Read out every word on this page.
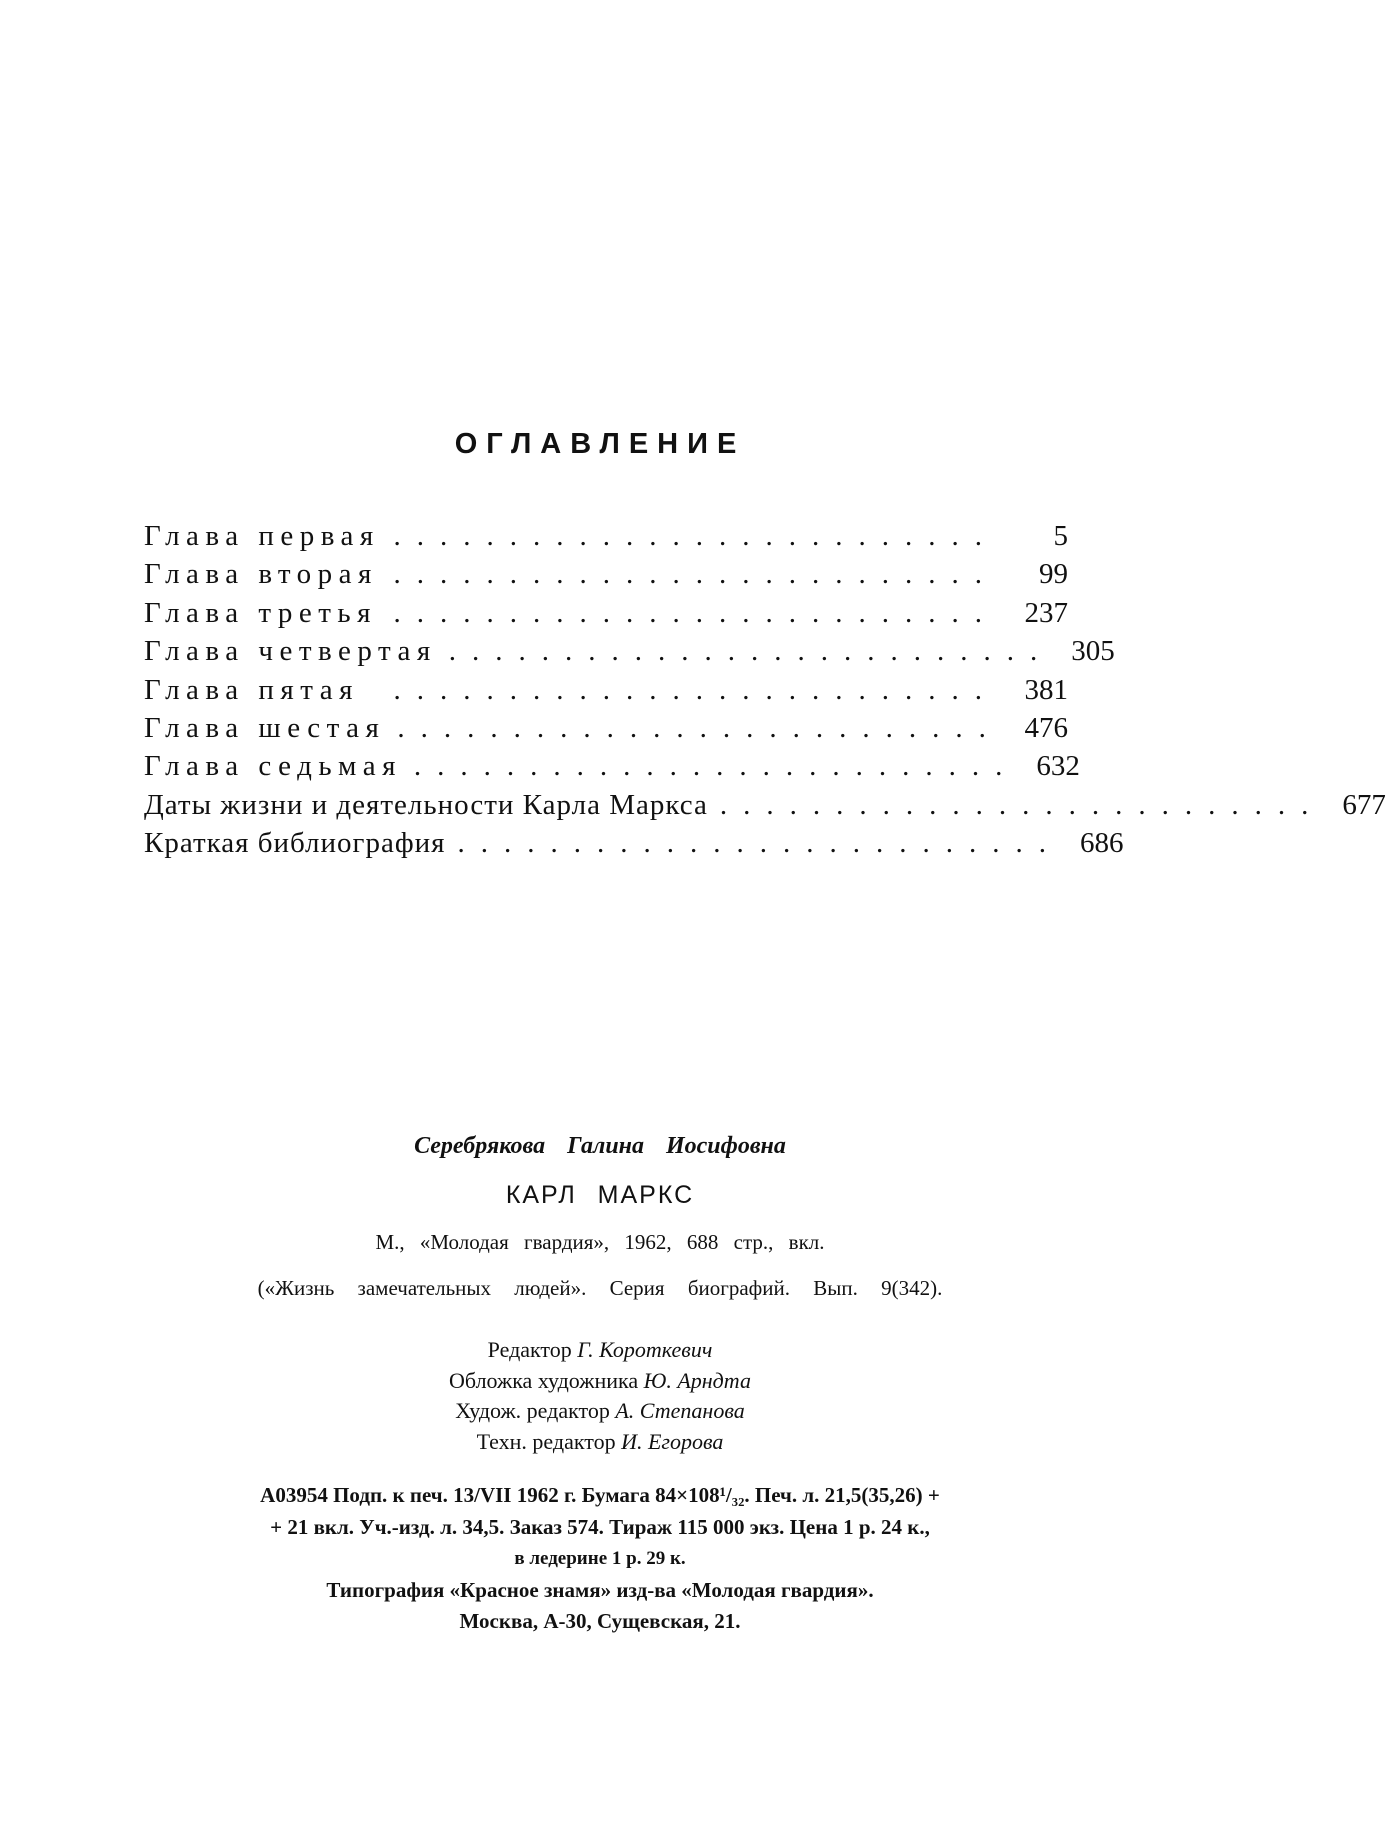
ОГЛАВЛЕНИЕ
Глава первая ..........................	5
Глава вторая ..........................	99
Глава третья .......................... 237
Глава четвертая .......................... 305
Глава пятая	.......................... 381
Глава шестая .......................... 476
Глава седьмая .......................... 632
Даты жизни и деятельности Карла Маркса .......................... 677
Краткая библиография .......................... 686
Серебрякова Галина Иосифовна
КАРЛ МАРКС
М., «Молодая гвардия», 1962, 688 стр., вкл.
(«Жизнь замечательных людей». Серия биографий. Вып. 9(342).
Редактор Г. Короткевич
Обложка художника Ю. Арндта
Худож. редактор А. Степанова
Техн. редактор И. Егорова
А03954 Подп. к печ. 13/VII 1962 г. Бумага 84×108¹/₃₂. Печ. л. 21,5(35,26) +
+ 21 вкл. Уч.-изд. л. 34,5. Заказ 574. Тираж 115 000 экз. Цена 1 р. 24 к.,
в ледерине 1 р. 29 к.
Типография «Красное знамя» изд-ва «Молодая гвардия».
Москва, А-30, Сущевская, 21.
